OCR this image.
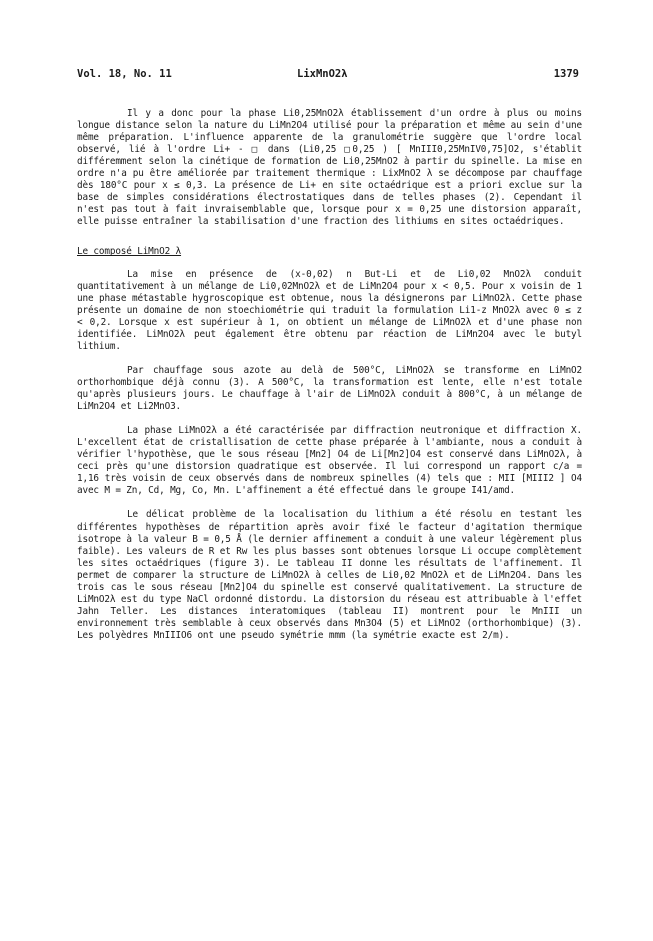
Vol. 18, No. 11	LixMnO2λ	1379

Il y a donc pour la phase Li0,25MnO2λ établissement d'un ordre à plus ou moins longue distance selon la nature du LiMn2O4 utilisé pour la préparation et même au sein d'une même préparation. L'influence apparente de la granulométrie suggère que l'ordre local observé, lié à l'ordre Li+ - □ dans (Li0,25 □0,25 ) [ MnIII0,25MnIV0,75]O2, s'établit différemment selon la cinétique de formation de Li0,25MnO2 à partir du spinelle. La mise en ordre n'a pu être améliorée par traitement thermique : LixMnO2 λ se décompose par chauffage dès 180°C pour x ≤ 0,3. La présence de Li+ en site octaédrique est a priori exclue sur la base de simples considérations électrostatiques dans de telles phases (2). Cependant il n'est pas tout à fait invraisemblable que, lorsque pour x = 0,25 une distorsion apparaît, elle puisse entraîner la stabilisation d'une fraction des lithiums en sites octaédriques.

Le composé LiMnO2 λ

La mise en présence de (x-0,02) n But-Li et de Li0,02 MnO2λ conduit quantitativement à un mélange de Li0,02MnO2λ et de LiMn2O4 pour x < 0,5. Pour x voisin de 1 une phase métastable hygroscopique est obtenue, nous la désignerons par LiMnO2λ. Cette phase présente un domaine de non stoechiométrie qui traduit la formulation Li1-z MnO2λ avec 0 ≤ z < 0,2. Lorsque x est supérieur à 1, on obtient un mélange de LiMnO2λ et d'une phase non identifiée. LiMnO2λ peut également être obtenu par réaction de LiMn2O4 avec le butyl lithium.

Par chauffage sous azote au delà de 500°C, LiMnO2λ se transforme en LiMnO2 orthorhombique déjà connu (3). A 500°C, la transformation est lente, elle n'est totale qu'après plusieurs jours. Le chauffage à l'air de LiMnO2λ conduit à 800°C, à un mélange de LiMn2O4 et Li2MnO3.

La phase LiMnO2λ a été caractérisée par diffraction neutronique et diffraction X. L'excellent état de cristallisation de cette phase préparée à l'ambiante, nous a conduit à vérifier l'hypothèse, que le sous réseau [Mn2] O4 de Li[Mn2]O4 est conservé dans LiMnO2λ, à ceci près qu'une distorsion quadratique est observée. Il lui correspond un rapport c/a = 1,16 très voisin de ceux observés dans de nombreux spinelles (4) tels que : MII [MIII2 ] O4 avec M = Zn, Cd, Mg, Co, Mn. L'affinement a été effectué dans le groupe I41/amd.

Le délicat problème de la localisation du lithium a été résolu en testant les différentes hypothèses de répartition après avoir fixé le facteur d'agitation thermique isotrope à la valeur B = 0,5 Å (le dernier affinement a conduit à une valeur légèrement plus faible). Les valeurs de R et Rw les plus basses sont obtenues lorsque Li occupe complètement les sites octaédriques (figure 3). Le tableau II donne les résultats de l'affinement. Il permet de comparer la structure de LiMnO2λ à celles de Li0,02 MnO2λ et de LiMn2O4. Dans les trois cas le sous réseau [Mn2]O4 du spinelle est conservé qualitativement. La structure de LiMnO2λ est du type NaCl ordonné distordu. La distorsion du réseau est attribuable à l'effet Jahn Teller. Les distances interatomiques (tableau II) montrent pour le MnIII un environnement très semblable à ceux observés dans Mn3O4 (5) et LiMnO2 (orthorhombique) (3). Les polyèdres MnIIIO6 ont une pseudo symétrie mmm (la symétrie exacte est 2/m).
